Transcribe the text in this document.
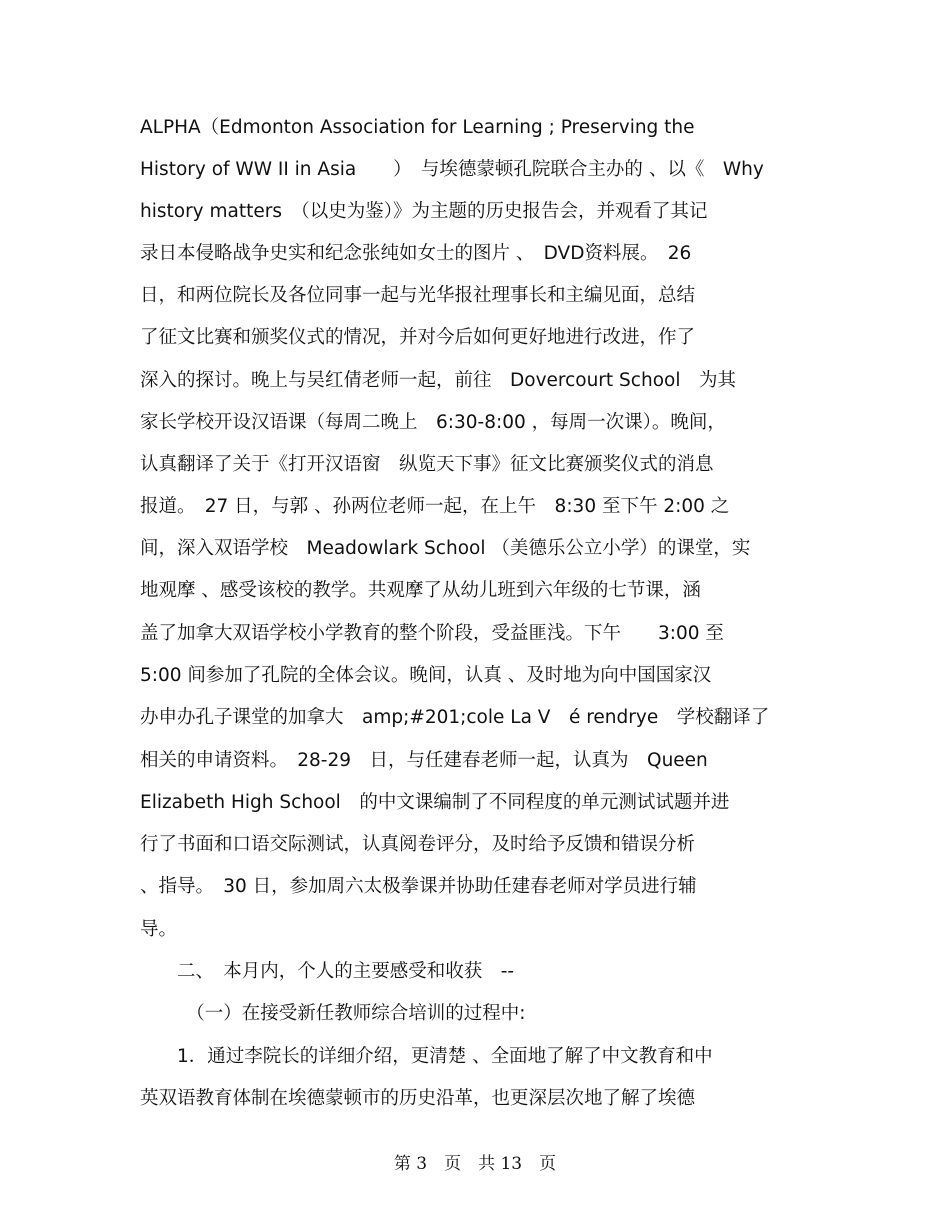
ALPHA（Edmonton Association for Learning ; Preserving the
History of WW II in Asia　　）　与埃德蒙顿孔院联合主办的 、以《　Why
history matters　（以史为鉴）》为主题的历史报告会，并观看了其记
录日本侵略战争史实和纪念张纯如女士的图片 、　DVD资料展。　26
日，和两位院长及各位同事一起与光华报社理事长和主编见面，总结
了征文比赛和颁奖仪式的情况，并对今后如何更好地进行改进，作了
深入的探讨。晚上与吴红倩老师一起，前往　Dovercourt School　为其
家长学校开设汉语课（每周二晚上　6:30-8:00 ，每周一次课）。晚间，
认真翻译了关于《打开汉语窗　纵览天下事》征文比赛颁奖仪式的消息
报道。　27 日，与郭 、孙两位老师一起，在上午　8:30 至下午 2:00 之
间，深入双语学校　Meadowlark School （美德乐公立小学）的课堂，实
地观摩 、感受该校的教学。共观摩了从幼儿班到六年级的七节课，涵
盖了加拿大双语学校小学教育的整个阶段，受益匪浅。下午　　3:00 至
5:00 间参加了孔院的全体会议。晚间，认真 、及时地为向中国国家汉
办申办孔子课堂的加拿大　amp;#201;cole La V　é rendrye　学校翻译了
相关的申请资料。　28-29　日，与任建春老师一起，认真为　Queen
Elizabeth High School　的中文课编制了不同程度的单元测试试题并进
行了书面和口语交际测试，认真阅卷评分，及时给予反馈和错误分析
、指导。　30 日，参加周六太极拳课并协助任建春老师对学员进行辅
导。
　　二、　本月内，个人的主要感受和收获　--
　　　（一）在接受新任教师综合培训的过程中:
　　1．通过李院长的详细介绍，更清楚 、全面地了解了中文教育和中
英双语教育体制在埃德蒙顿市的历史沿革，也更深层次地了解了埃德
第 3　页　共 13　页
